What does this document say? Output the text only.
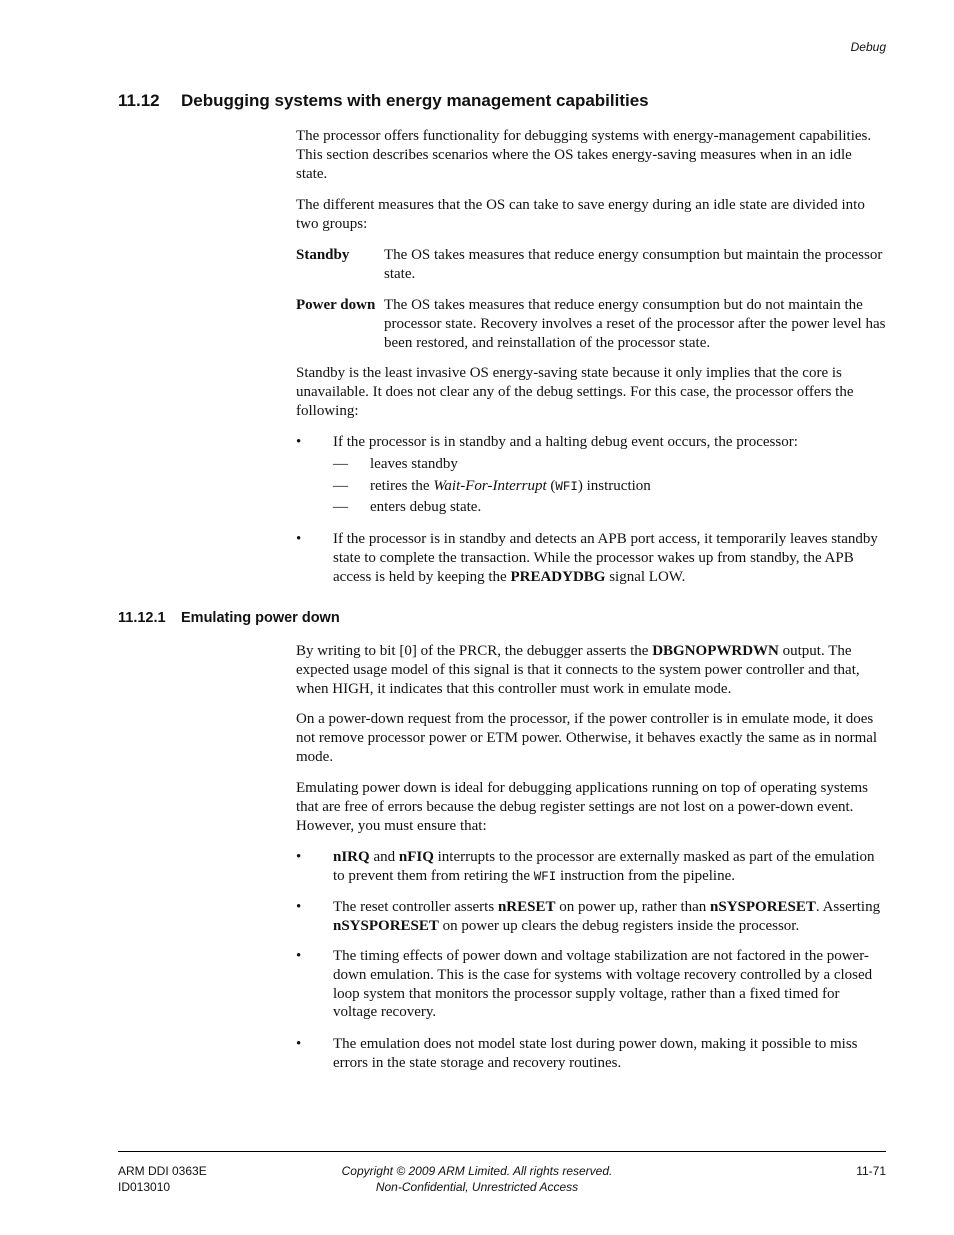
Debug
11.12 Debugging systems with energy management capabilities

The processor offers functionality for debugging systems with energy-management capabilities. This section describes scenarios where the OS takes energy-saving measures when in an idle state.

The different measures that the OS can take to save energy during an idle state are divided into two groups:

Standby The OS takes measures that reduce energy consumption but maintain the processor state.
Power down The OS takes measures that reduce energy consumption but do not maintain the processor state. Recovery involves a reset of the processor after the power level has been restored, and reinstallation of the processor state.

Standby is the least invasive OS energy-saving state because it only implies that the core is unavailable. It does not clear any of the debug settings. For this case, the processor offers the following:

• If the processor is in standby and a halting debug event occurs, the processor:
— leaves standby
— retires the Wait-For-Interrupt (WFI) instruction
— enters debug state.
• If the processor is in standby and detects an APB port access, it temporarily leaves standby state to complete the transaction. While the processor wakes up from standby, the APB access is held by keeping the PREADYDBG signal LOW.
11.12.1 Emulating power down

By writing to bit [0] of the PRCR, the debugger asserts the DBGNOPWRDWN output. The expected usage model of this signal is that it connects to the system power controller and that, when HIGH, it indicates that this controller must work in emulate mode.

On a power-down request from the processor, if the power controller is in emulate mode, it does not remove processor power or ETM power. Otherwise, it behaves exactly the same as in normal mode.

Emulating power down is ideal for debugging applications running on top of operating systems that are free of errors because the debug register settings are not lost on a power-down event. However, you must ensure that:

• nIRQ and nFIQ interrupts to the processor are externally masked as part of the emulation to prevent them from retiring the WFI instruction from the pipeline.
• The reset controller asserts nRESET on power up, rather than nSYSPORESET. Asserting nSYSPORESET on power up clears the debug registers inside the processor.
• The timing effects of power down and voltage stabilization are not factored in the power-down emulation. This is the case for systems with voltage recovery controlled by a closed loop system that monitors the processor supply voltage, rather than a fixed timed for voltage recovery.
• The emulation does not model state lost during power down, making it possible to miss errors in the state storage and recovery routines.
ARM DDI 0363E
ID013010
Copyright © 2009 ARM Limited. All rights reserved.
Non-Confidential, Unrestricted Access
11-71
